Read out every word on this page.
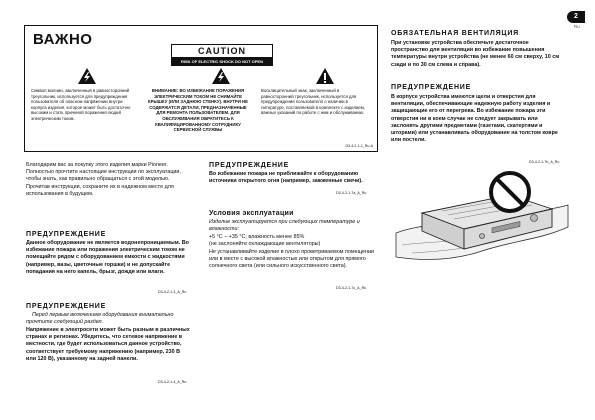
2
Ru
ВАЖНО
CAUTION
RISK OF ELECTRIC SHOCK DO NOT OPEN
Символ молнии, заключенный в равносторонний треугольник, используется для предупреждения пользователя об опасном напряжении внутри корпуса изделия, которое может быть достаточно высоким и стать причиной поражения людей электрическим током.
ВНИМАНИЕ: ВО ИЗБЕЖАНИЕ ПОРАЖЕНИЯ ЭЛЕКТРИЧЕСКИМ ТОКОМ НЕ СНИМАЙТЕ КРЫШКУ (ИЛИ ЗАДНЮЮ СТЕНКУ). ВНУТРИ НЕ СОДЕРЖАТСЯ ДЕТАЛИ, ПРЕДНАЗНАЧЕННЫЕ ДЛЯ РЕМОНТА ПОЛЬЗОВАТЕЛЕМ. ДЛЯ ОБСЛУЖИВАНИЯ ОБРАТИТЕСЬ К КВАЛИФИЦИРОВАННОМУ СОТРУДНИКУ СЕРВИСНОЙ СЛУЖБЫ
Восклицательный знак, заключенный в равносторонний треугольник, используется для предупреждения пользователя о наличии в литературе, поставляемой в комплекте с изделием, важных указаний по работе с ним и обслуживанию.
D3-4-2-1-1_Ru-A
Благодарим вас за покупку этого изделия марки Pioneer. Полностью прочтите настоящие инструкции по эксплуатации, чтобы знать, как правильно обращаться с этой моделью. Прочитав инструкции, сохраните их в надежном месте для использования в будущем.
ПРЕДУПРЕЖДЕНИЕ
Данное оборудование не является водонепроницаемым. Во избежание пожара или поражения электрическим током не помещайте рядом с оборудованием емкости с жидкостями (например, вазы, цветочные горшки) и не допускайте попадания на него капель, брызг, дождя или влаги.
D3-4-2-1-3_A_Ru
ПРЕДУПРЕЖДЕНИЕ
Перед первым включением оборудования внимательно прочтите следующий раздел.
Напряжение в электросети может быть разным в различных странах и регионах. Убедитесь, что сетевое напряжение в местности, где будет использоваться данное устройство, соответствует требуемому напряжению (например, 230 В или 120 В), указанному на задней панели.
D3-4-2-1-4_A_Ru
ПРЕДУПРЕЖДЕНИЕ
Во избежание пожара не приближайте к оборудованию источники открытого огня (например, зажженные свечи).
D3-4-2-1-7a_A_Ru
Условия эксплуатации
Изделие эксплуатируется при следующих температуре и влажности:
+5 °C – +35 °C; влажность менее 85%
(не заслоняйте охлаждающие вентиляторы)
Не устанавливайте изделие в плохо проветриваемом помещении или в месте с высокой влажностью или открытом для прямого солнечного света (или сильного искусственного света).
D3-4-2-1-7c_A_Ru
ОБЯЗАТЕЛЬНАЯ ВЕНТИЛЯЦИЯ
При установке устройства обеспечьте достаточное пространство для вентиляции во избежание повышения температуры внутри устройства (не менее 60 см сверху, 10 см сзади и по 30 см слева и справа).
ПРЕДУПРЕЖДЕНИЕ
В корпусе устройства имеются щели и отверстия для вентиляции, обеспечивающие надежную работу изделия и защищающие его от перегрева. Во избежание пожара эти отверстия ни в коем случае не следует закрывать или заслонять другими предметами (газетами, скатертями и шторами) или устанавливать оборудование на толстом ковре или постели.
D3-4-2-1-7b_A_Ru
